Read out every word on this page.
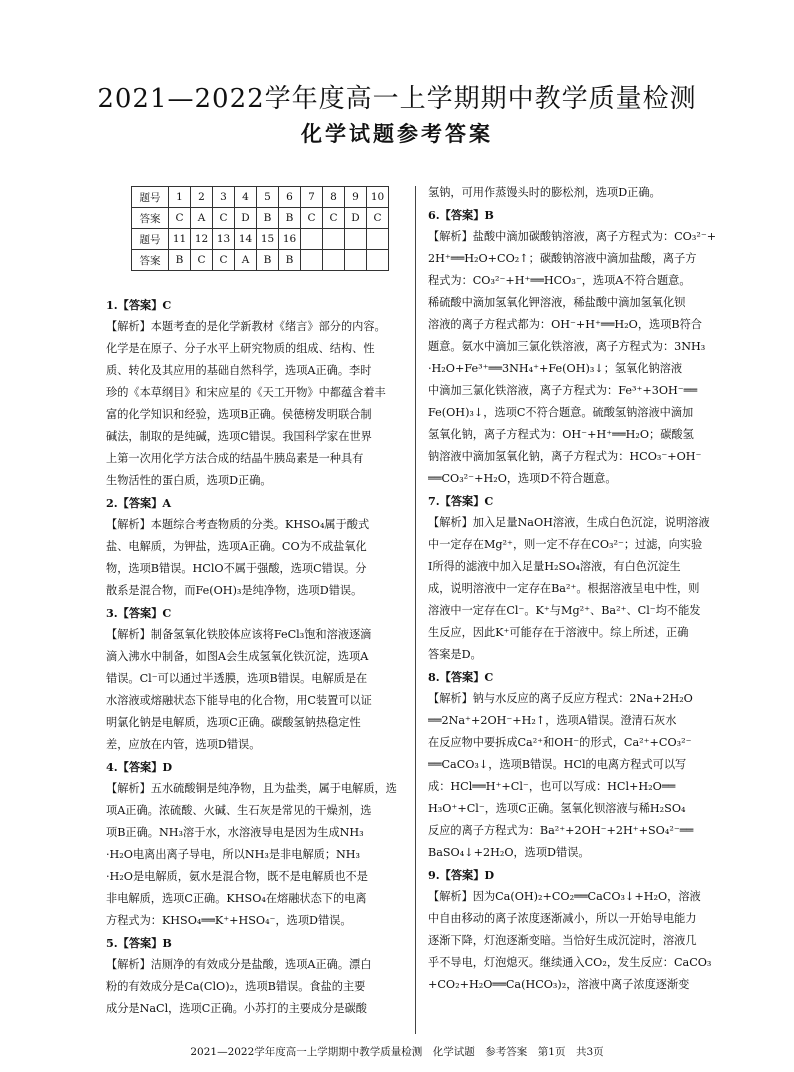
2021—2022学年度高一上学期期中教学质量检测
化学试题参考答案
题号	1	2	3	4	5	6	7	8	9	10
答案	C	A	C	D	B	B	C	C	D	C
题号	11	12	13	14	15	16				
答案	B	C	C	A	B	B				
1.【答案】C
【解析】本题考查的是化学新教材《绪言》部分的内容。
化学是在原子、分子水平上研究物质的组成、结构、性
质、转化及其应用的基础自然科学，选项A正确。李时
珍的《本草纲目》和宋应星的《天工开物》中都蕴含着丰
富的化学知识和经验，选项B正确。侯德榜发明联合制
碱法，制取的是纯碱，选项C错误。我国科学家在世界
上第一次用化学方法合成的结晶牛胰岛素是一种具有
生物活性的蛋白质，选项D正确。
2.【答案】A
【解析】本题综合考查物质的分类。KHSO₄属于酸式
盐、电解质，为钾盐，选项A正确。CO为不成盐氧化
物，选项B错误。HClO不属于强酸，选项C错误。分
散系是混合物，而Fe(OH)₃是纯净物，选项D错误。
3.【答案】C
【解析】制备氢氧化铁胶体应该将FeCl₃饱和溶液逐滴
滴入沸水中制备，如图A会生成氢氧化铁沉淀，选项A
错误。Cl⁻可以通过半透膜，选项B错误。电解质是在
水溶液或熔融状态下能导电的化合物，用C装置可以证
明氯化钠是电解质，选项C正确。碳酸氢钠热稳定性
差，应放在内管，选项D错误。
4.【答案】D
【解析】五水硫酸铜是纯净物，且为盐类，属于电解质，选
项A正确。浓硫酸、火碱、生石灰是常见的干燥剂，选
项B正确。NH₃溶于水，水溶液导电是因为生成NH₃
·H₂O电离出离子导电，所以NH₃是非电解质；NH₃
·H₂O是电解质，氨水是混合物，既不是电解质也不是
非电解质，选项C正确。KHSO₄在熔融状态下的电离
方程式为：KHSO₄══K⁺+HSO₄⁻，选项D错误。
5.【答案】B
【解析】洁厕净的有效成分是盐酸，选项A正确。漂白
粉的有效成分是Ca(ClO)₂，选项B错误。食盐的主要
成分是NaCl，选项C正确。小苏打的主要成分是碳酸
氢钠，可用作蒸馒头时的膨松剂，选项D正确。
6.【答案】B
【解析】盐酸中滴加碳酸钠溶液，离子方程式为：CO₃²⁻+
2H⁺══H₂O+CO₂↑；碳酸钠溶液中滴加盐酸，离子方
程式为：CO₃²⁻+H⁺══HCO₃⁻，选项A不符合题意。
稀硫酸中滴加氢氧化钾溶液，稀盐酸中滴加氢氧化钡
溶液的离子方程式都为：OH⁻+H⁺══H₂O，选项B符合
题意。氨水中滴加三氯化铁溶液，离子方程式为：3NH₃
·H₂O+Fe³⁺══3NH₄⁺+Fe(OH)₃↓；氢氧化钠溶液
中滴加三氯化铁溶液，离子方程式为：Fe³⁺+3OH⁻══
Fe(OH)₃↓，选项C不符合题意。硫酸氢钠溶液中滴加
氢氧化钠，离子方程式为：OH⁻+H⁺══H₂O；碳酸氢
钠溶液中滴加氢氧化钠，离子方程式为：HCO₃⁻+OH⁻
══CO₃²⁻+H₂O，选项D不符合题意。
7.【答案】C
【解析】加入足量NaOH溶液，生成白色沉淀，说明溶液
中一定存在Mg²⁺，则一定不存在CO₃²⁻；过滤，向实验
Ⅰ所得的滤液中加入足量H₂SO₄溶液，有白色沉淀生
成，说明溶液中一定存在Ba²⁺。根据溶液呈电中性，则
溶液中一定存在Cl⁻。K⁺与Mg²⁺、Ba²⁺、Cl⁻均不能发
生反应，因此K⁺可能存在于溶液中。综上所述，正确
答案是D。
8.【答案】C
【解析】钠与水反应的离子反应方程式：2Na+2H₂O
══2Na⁺+2OH⁻+H₂↑，选项A错误。澄清石灰水
在反应物中要拆成Ca²⁺和OH⁻的形式，Ca²⁺+CO₃²⁻
══CaCO₃↓，选项B错误。HCl的电离方程式可以写
成：HCl══H⁺+Cl⁻，也可以写成：HCl+H₂O══
H₃O⁺+Cl⁻，选项C正确。氢氧化钡溶液与稀H₂SO₄
反应的离子方程式为：Ba²⁺+2OH⁻+2H⁺+SO₄²⁻══
BaSO₄↓+2H₂O，选项D错误。
9.【答案】D
【解析】因为Ca(OH)₂+CO₂══CaCO₃↓+H₂O，溶液
中自由移动的离子浓度逐渐减小，所以一开始导电能力
逐渐下降，灯泡逐渐变暗。当恰好生成沉淀时，溶液几
乎不导电，灯泡熄灭。继续通入CO₂，发生反应：CaCO₃
+CO₂+H₂O══Ca(HCO₃)₂，溶液中离子浓度逐渐变
2021—2022学年度高一上学期期中教学质量检测　化学试题　参考答案　第1页　共3页
